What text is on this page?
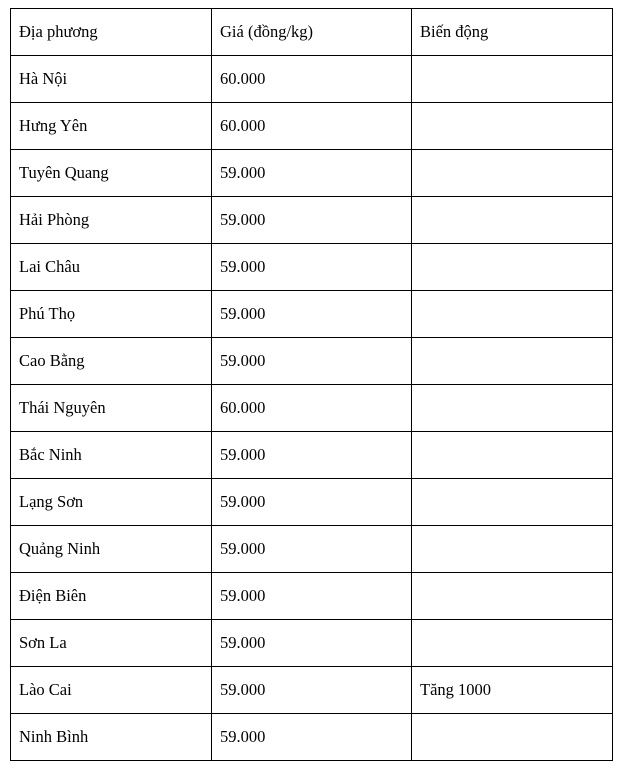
Địa phương	Giá (đồng/kg)	Biến động
Hà Nội	60.000	
Hưng Yên	60.000	
Tuyên Quang	59.000	
Hải Phòng	59.000	
Lai Châu	59.000	
Phú Thọ	59.000	
Cao Bằng	59.000	
Thái Nguyên	60.000	
Bắc Ninh	59.000	
Lạng Sơn	59.000	
Quảng Ninh	59.000	
Điện Biên	59.000	
Sơn La	59.000	
Lào Cai	59.000	Tăng 1000
Ninh Bình	59.000	
